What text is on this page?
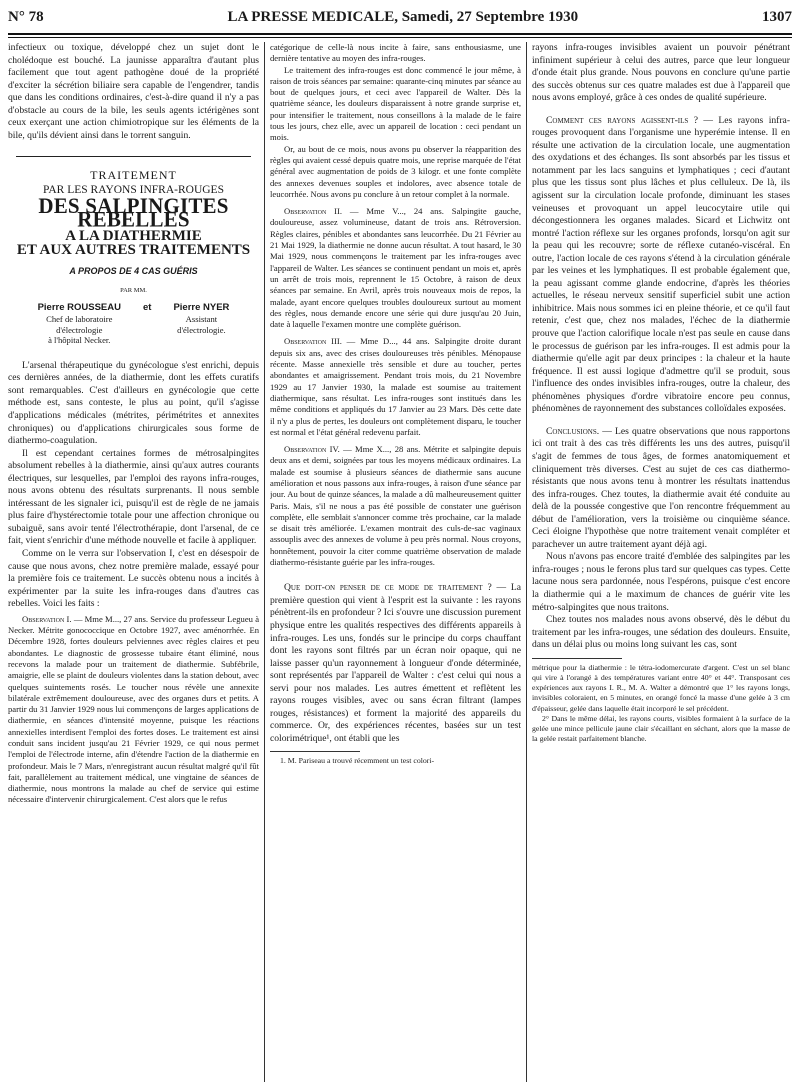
N° 78	LA PRESSE MEDICALE, Samedi, 27 Septembre 1930	1307

infectieux ou toxique, développé chez un sujet dont le cholédoque est bouché. La jaunisse apparaîtra d'autant plus facilement que tout agent pathogène doué de la propriété d'exciter la sécrétion biliaire sera capable de l'engendrer, tandis que dans les conditions ordinaires, c'est-à-dire quand il n'y a pas d'obstacle au cours de la bile, les seuls agents ictérigènes sont ceux exerçant une action chimiotropique sur les éléments de la bile, qu'ils dévient ainsi dans le torrent sanguin.

TRAITEMENT
PAR LES RAYONS INFRA-ROUGES
DES SALPINGITES REBELLES
A LA DIATHERMIE
ET AUX AUTRES TRAITEMENTS
A PROPOS DE 4 CAS GUÉRIS
PAR MM.
Pierre ROUSSEAU
Chef de laboratoire
d'électrologie
à l'hôpital Necker.
et Pierre NYER
Assistant
d'électrologie.

L'arsenal thérapeutique du gynécologue s'est enrichi, depuis ces dernières années, de la diathermie, dont les effets curatifs sont remarquables. C'est d'ailleurs en gynécologie que cette méthode est, sans conteste, le plus au point, qu'il s'agisse d'applications médicales (métrites, périmétrites et annexites chroniques) ou d'applications chirurgicales sous forme de diathermo-coagulation.

Il est cependant certaines formes de métrosalpingites absolument rebelles à la diathermie, ainsi qu'aux autres courants électriques, sur lesquelles, par l'emploi des rayons infra-rouges, nous avons obtenu des résultats surprenants. Il nous semble intéressant de les signaler ici, puisqu'il est de règle de ne jamais plus faire d'hystérectomie totale pour une affection chronique ou subaiguë, sans avoir tenté l'électrothérapie, dont l'arsenal, de ce fait, vient s'enrichir d'une méthode nouvelle et facile à appliquer.

Comme on le verra sur l'observation I, c'est en désespoir de cause que nous avons, chez notre première malade, essayé pour la première fois ce traitement. Le succès obtenu nous a incités à expérimenter par la suite les infra-rouges dans d'autres cas rebelles. Voici les faits :

Observation I. — Mme M..., 27 ans. Service du professeur Legueu à Necker. Métrite gonococcique en Octobre 1927, avec aménorrhée. En Décembre 1928, fortes douleurs pelviennes avec règles claires et peu abondantes. Le diagnostic de grossesse tubaire étant éliminé, nous recevons la malade pour un traitement de diathermie. Subfébrile, amaigrie, elle se plaint de douleurs violentes dans la station debout, avec quelques suintements rosés. Le toucher nous révèle une annexite bilatérale extrêmement douloureuse, avec des organes durs et petits. A partir du 31 Janvier 1929 nous lui commençons de larges applications de diathermie, en séances d'intensité moyenne, puisque les réactions annexielles interdisent l'emploi des fortes doses. Le traitement est ainsi conduit sans incident jusqu'au 21 Février 1929, ce qui nous permet l'emploi de l'électrode interne, afin d'étendre l'action de la diathermie en profondeur. Mais le 7 Mars, n'enregistrant aucun résultat malgré qu'il fût fait, parallèlement au traitement médical, une vingtaine de séances de diathermie, nous montrons la malade au chef de service qui estime nécessaire d'intervenir chirurgicalement. C'est alors que le refus

catégorique de celle-là nous incite à faire, sans enthousiasme, une dernière tentative au moyen des infra-rouges.

Le traitement des infra-rouges est donc commencé le jour même, à raison de trois séances par semaine: quarante-cinq minutes par séance au bout de quelques jours, et ceci avec l'appareil de Walter. Dès la quatrième séance, les douleurs disparaissent à notre grande surprise et, pour intensifier le traitement, nous conseillons à la malade de le faire tous les jours, chez elle, avec un appareil de location : ceci pendant un mois.

Or, au bout de ce mois, nous avons pu observer la réapparition des règles qui avaient cessé depuis quatre mois, une reprise marquée de l'état général avec augmentation de poids de 3 kilogr. et une fonte complète des annexes devenues souples et indolores, avec absence totale de leucorrhée. Nous avons pu conclure à un retour complet à la normale.

Observation II. — Mme V..., 24 ans. Salpingite gauche, douloureuse, assez volumineuse, datant de trois ans. Rétroversion. Règles claires, pénibles et abondantes sans leucorrhée. Du 21 Février au 21 Mai 1929, la diathermie ne donne aucun résultat. A tout hasard, le 30 Mai 1929, nous commençons le traitement par les infra-rouges avec l'appareil de Walter. Les séances se continuent pendant un mois et, après un arrêt de trois mois, reprennent le 15 Octobre, à raison de deux séances par semaine. En Avril, après trois nouveaux mois de repos, la malade, ayant encore quelques troubles douloureux surtout au moment des règles, nous demande encore une série qui dure jusqu'au 20 Juin, date à laquelle l'examen montre une complète guérison.

Observation III. — Mme D..., 44 ans. Salpingite droite durant depuis six ans, avec des crises douloureuses très pénibles. Ménopause récente. Masse annexielle très sensible et dure au toucher, pertes abondantes et amaigrissement. Pendant trois mois, du 21 Novembre 1929 au 17 Janvier 1930, la malade est soumise au traitement diathermique, sans résultat. Les infra-rouges sont institués dans les même conditions et appliqués du 17 Janvier au 23 Mars. Dès cette date il n'y a plus de pertes, les douleurs ont complètement disparu, le toucher est normal et l'état général redevenu parfait.

Observation IV. — Mme X..., 28 ans. Métrite et salpingite depuis deux ans et demi, soignées par tous les moyens médicaux ordinaires. La malade est soumise à plusieurs séances de diathermie sans aucune amélioration et nous passons aux infra-rouges, à raison d'une séance par jour. Au bout de quinze séances, la malade a dû malheureusement quitter Paris. Mais, s'il ne nous a pas été possible de constater une guérison complète, elle semblait s'annoncer comme très prochaine, car la malade se disait très améliorée. L'examen montrait des culs-de-sac vaginaux assouplis avec des annexes de volume à peu près normal. Nous croyons, honnêtement, pouvoir la citer comme quatrième observation de malade diathermo-résistante guérie par les infra-rouges.

Que doit-on penser de ce mode de traitement ? — La première question qui vient à l'esprit est la suivante : les rayons pénètrent-ils en profondeur ? Ici s'ouvre une discussion purement physique entre les qualités respectives des différents appareils à infra-rouges. Les uns, fondés sur le principe du corps chauffant dont les rayons sont filtrés par un écran noir opaque, qui ne laisse passer qu'un rayonnement à longueur d'onde déterminée, sont représentés par l'appareil de Walter : c'est celui qui nous a servi pour nos malades. Les autres émettent et reflètent les rayons rouges visibles, avec ou sans écran filtrant (lampes rouges, résistances) et forment la majorité des appareils du commerce. Or, des expériences récentes, basées sur un test colorimétrique¹, ont établi que les

1. M. Pariseau a trouvé récemment un test colori-

rayons infra-rouges invisibles avaient un pouvoir pénétrant infiniment supérieur à celui des autres, parce que leur longueur d'onde était plus grande. Nous pouvons en conclure qu'une partie des succès obtenus sur ces quatre malades est due à l'appareil que nous avons employé, grâce à ces ondes de qualité supérieure.

Comment ces rayons agissent-ils ? — Les rayons infra-rouges provoquent dans l'organisme une hyperémie intense. Il en résulte une activation de la circulation locale, une augmentation des oxydations et des échanges. Ils sont absorbés par les tissus et notamment par les lacs sanguins et lymphatiques ; ceci d'autant plus que les tissus sont plus lâches et plus celluleux. De là, ils agissent sur la circulation locale profonde, diminuant les stases veineuses et provoquant un appel leucocytaire utile qui décongestionnera les organes malades. Sicard et Lichwitz ont montré l'action réflexe sur les organes profonds, lorsqu'on agit sur la peau qui les recouvre; sorte de réflexe cutanéo-viscéral. En outre, l'action locale de ces rayons s'étend à la circulation générale par les veines et les lymphatiques. Il est probable également que, la peau agissant comme glande endocrine, d'après les théories actuelles, le réseau nerveux sensitif superficiel subit une action inhibitrice. Mais nous sommes ici en pleine théorie, et ce qu'il faut retenir, c'est que, chez nos malades, l'échec de la diathermie prouve que l'action calorifique locale n'est pas seule en cause dans le processus de guérison par les infra-rouges. Il est admis pour la diathermie qu'elle agit par deux principes : la chaleur et la haute fréquence. Il est aussi logique d'admettre qu'il se produit, sous l'influence des ondes invisibles infra-rouges, outre la chaleur, des phénomènes physiques d'ordre vibratoire encore peu connus, phénomènes de rayonnement des substances colloïdales exposées.

Conclusions. — Les quatre observations que nous rapportons ici ont trait à des cas très différents les uns des autres, puisqu'il s'agit de femmes de tous âges, de formes anatomiquement et cliniquement très diverses. C'est au sujet de ces cas diathermo-résistants que nous avons tenu à montrer les résultats inattendus des infra-rouges. Chez toutes, la diathermie avait été conduite au delà de la poussée congestive que l'on rencontre fréquemment au début de l'amélioration, vers la troisième ou cinquième séance. Ceci éloigne l'hypothèse que notre traitement venait compléter et parachever un autre traitement ayant déjà agi.

Nous n'avons pas encore traité d'emblée des salpingites par les infra-rouges ; nous le ferons plus tard sur quelques cas types. Cette lacune nous sera pardonnée, nous l'espérons, puisque c'est encore la diathermie qui a le maximum de chances de guérir vite les métro-salpingites que nous traitons.

Chez toutes nos malades nous avons observé, dès le début du traitement par les infra-rouges, une sédation des douleurs. Ensuite, dans un délai plus ou moins long suivant les cas, sont

métrique pour la diathermie : le tétra-iodomercurate d'argent. C'est un sel blanc qui vire à l'orangé à des températures variant entre 40° et 44°. Transposant ces expériences aux rayons I. R., M. A. Walter a démontré que 1° les rayons longs, invisibles coloraient, en 5 minutes, en orangé foncé la masse d'une gelée à 3 cm d'épaisseur, gelée dans laquelle était incorporé le sel précédent.

2° Dans le même délai, les rayons courts, visibles formaient à la surface de la gelée une mince pellicule jaune clair s'écaillant en séchant, alors que la masse de la gelée restait parfaitement blanche.
